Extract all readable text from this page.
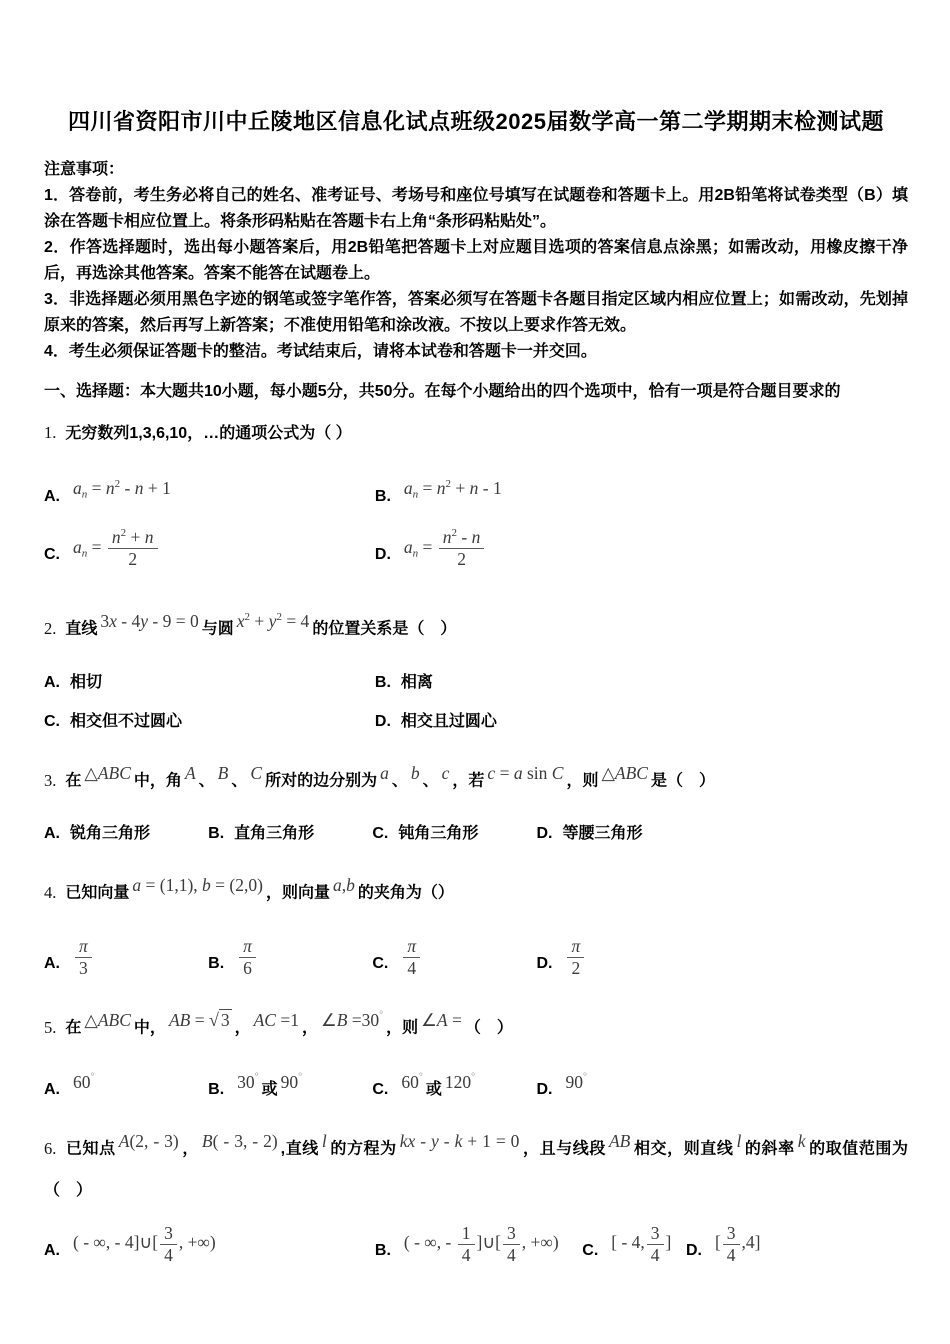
四川省资阳市川中丘陵地区信息化试点班级2025届数学高一第二学期期末检测试题

注意事项：

1．答卷前，考生务必将自己的姓名、准考证号、考场号和座位号填写在试题卷和答题卡上。用2B铅笔将试卷类型（B）填涂在答题卡相应位置上。将条形码粘贴在答题卡右上角“条形码粘贴处”。

2．作答选择题时，选出每小题答案后，用2B铅笔把答题卡上对应题目选项的答案信息点涂黑；如需改动，用橡皮擦干净后，再选涂其他答案。答案不能答在试题卷上。

3．非选择题必须用黑色字迹的钢笔或签字笔作答，答案必须写在答题卡各题目指定区域内相应位置上；如需改动，先划掉原来的答案，然后再写上新答案；不准使用铅笔和涂改液。不按以上要求作答无效。

4．考生必须保证答题卡的整洁。考试结束后，请将本试卷和答题卡一并交回。

一、选择题：本大题共10小题，每小题5分，共50分。在每个小题给出的四个选项中，恰有一项是符合题目要求的
1. 无穷数列1,3,6,10，…的通项公式为（ ）
A. $a_n = n^2 - n + 1$	B. $a_n = n^2 + n - 1$
C. $a_n = \frac{n^2 + n}{2}$	D. $a_n = \frac{n^2 - n}{2}$
2. 直线 3x - 4y - 9 = 0 与圆 $x^2 + y^2 = 4$ 的位置关系是（　）
A. 相切	B. 相离
C. 相交但不过圆心	D. 相交且过圆心
3. 在 △ABC 中，角 A 、 B 、 C 所对的边分别为 a 、 b 、 c ，若 c = a sin C ，则 △ABC 是（　）
A. 锐角三角形	B. 直角三角形	C. 钝角三角形	D. 等腰三角形
4. 已知向量 a = (1,1), b = (2,0) ，则向量 a,b 的夹角为（）
A. $\frac{\pi}{3}$	B. $\frac{\pi}{6}$	C. $\frac{\pi}{4}$	D. $\frac{\pi}{2}$
5. 在 △ABC 中， AB = √ 3 ， AC =1 ， ∠B =30°，则 ∠A = （　）
A. 60°
B. 30°或 90°
C. 60°或 120°
D. 90°
6. 已知点 A(2, - 3) ， B( - 3, - 2) ,直线 l 的方程为 kx - y - k + 1 = 0 ，且与线段 AB 相交，则直线 l 的斜率 k 的取值范围为（　）
A. ( - ∞, - 4]∪[ $\frac{3}{4}$ , +∞)	B. ( - ∞, - $\frac{1}{4}$ ]∪[ $\frac{3}{4}$ , +∞)	C. [ - 4, $\frac{3}{4}$ ] D. [ $\frac{3}{4} ,4$]
